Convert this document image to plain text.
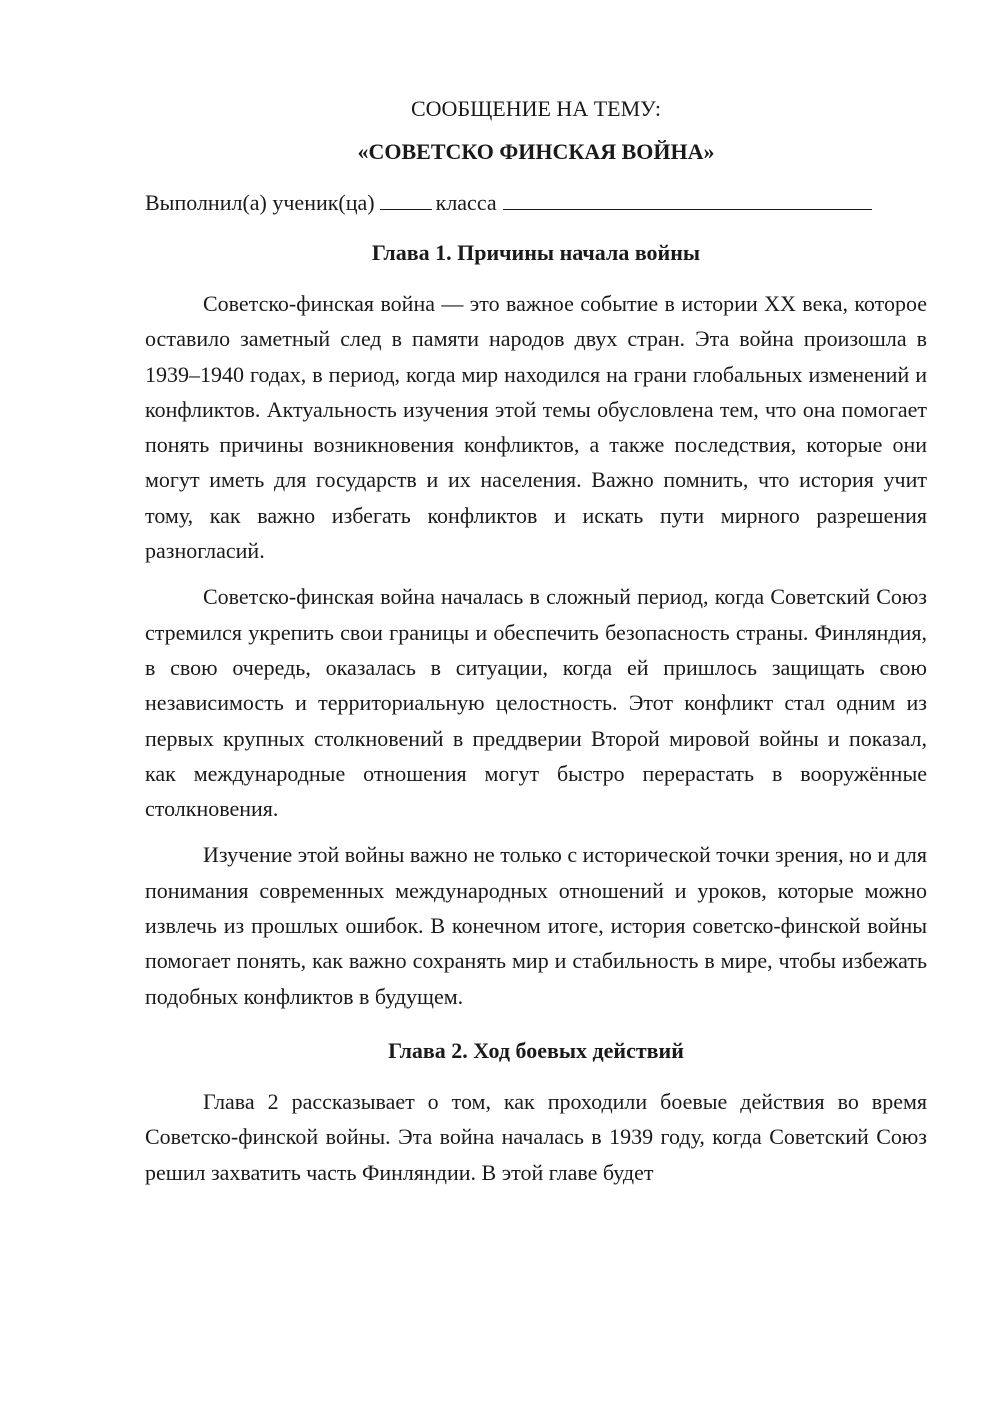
СООБЩЕНИЕ НА ТЕМУ:
«СОВЕТСКО ФИНСКАЯ ВОЙНА»
Выполнил(а) ученик(ца)	класса
Глава 1. Причины начала войны

Советско-финская война — это важное событие в истории XX века, которое оставило заметный след в памяти народов двух стран. Эта война произошла в 1939–1940 годах, в период, когда мир находился на грани глобальных изменений и конфликтов. Актуальность изучения этой темы обусловлена тем, что она помогает понять причины возникновения конфликтов, а также последствия, которые они могут иметь для государств и их населения. Важно помнить, что история учит тому, как важно избегать конфликтов и искать пути мирного разрешения разногласий.

Советско-финская война началась в сложный период, когда Советский Союз стремился укрепить свои границы и обеспечить безопасность страны. Финляндия, в свою очередь, оказалась в ситуации, когда ей пришлось защищать свою независимость и территориальную целостность. Этот конфликт стал одним из первых крупных столкновений в преддверии Второй мировой войны и показал, как международные отношения могут быстро перерастать в вооружённые столкновения.

Изучение этой войны важно не только с исторической точки зрения, но и для понимания современных международных отношений и уроков, которые можно извлечь из прошлых ошибок. В конечном итоге, история советско-финской войны помогает понять, как важно сохранять мир и стабильность в мире, чтобы избежать подобных конфликтов в будущем.

Глава 2. Ход боевых действий

Глава 2 рассказывает о том, как проходили боевые действия во время Советско-финской войны. Эта война началась в 1939 году, когда Советский Союз решил захватить часть Финляндии. В этой главе будет
